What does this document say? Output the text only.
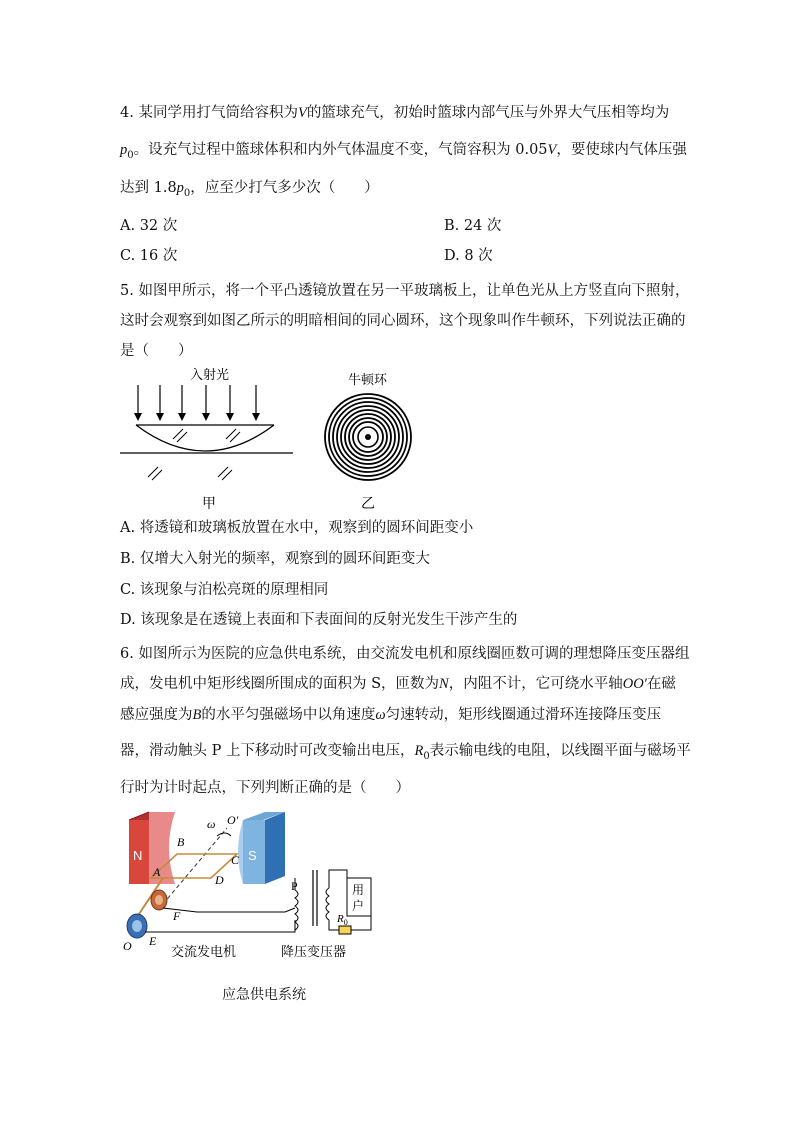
4. 某同学用打气筒给容积为V的篮球充气，初始时篮球内部气压与外界大气压相等均为
$p_0$。设充气过程中篮球体积和内外气体温度不变，气筒容积为 0.05V，要使球内气体压强
达到 $1.8p_0$，应至少打气多少次（　　）
A. 32 次	B. 24 次
C. 16 次	D. 8 次
5. 如图甲所示，将一个平凸透镜放置在另一平玻璃板上，让单色光从上方竖直向下照射，
这时会观察到如图乙所示的明暗相间的同心圆环，这个现象叫作牛顿环，下列说法正确的
是（　　）
入射光
甲
牛顿环
乙
A. 将透镜和玻璃板放置在水中，观察到的圆环间距变小
B. 仅增大入射光的频率，观察到的圆环间距变大
C. 该现象与泊松亮斑的原理相同
D. 该现象是在透镜上表面和下表面间的反射光发生干涉产生的
6. 如图所示为医院的应急供电系统，由交流发电机和原线圈匝数可调的理想降压变压器组
成，发电机中矩形线圈所围成的面积为 S，匝数为N，内阻不计，它可绕水平轴OO′在磁
感应强度为B的水平匀强磁场中以角速度ω匀速转动，矩形线圈通过滑环连接降压变压
器，滑动触头 P 上下移动时可改变输出电压，$R_0$表示输电线的电阻，以线圈平面与磁场平
行时为计时起点，下列判断正确的是（　　）
N	S
ω O′
B
C
A
D
F
E
O
P	用
户
$R_0$
交流发电机	降压变压器
应急供电系统
